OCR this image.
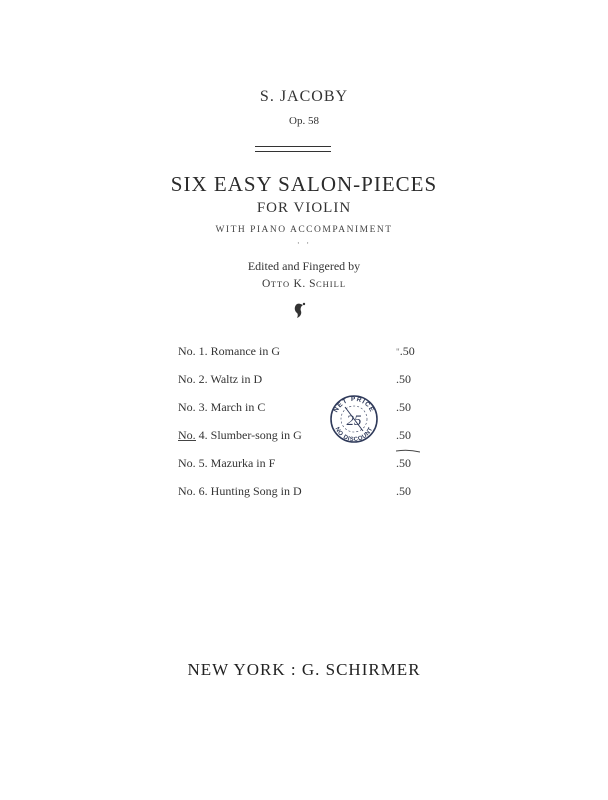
S. JACOBY
Op. 58
SIX EASY SALON-PIECES
FOR VIOLIN
WITH PIANO ACCOMPANIMENT
· ·
Edited and Fingered by
OTTO K. SCHILL
No. 1. Romance in G	".50
No. 2. Waltz in D	.50
No. 3. March in C	.50
No. 4. Slumber-song in G	.50
No. 5. Mazurka in F	.50
No. 6. Hunting Song in D	.50
NET PRICE
NO DISCOUNT
25
NEW YORK : G. SCHIRMER
